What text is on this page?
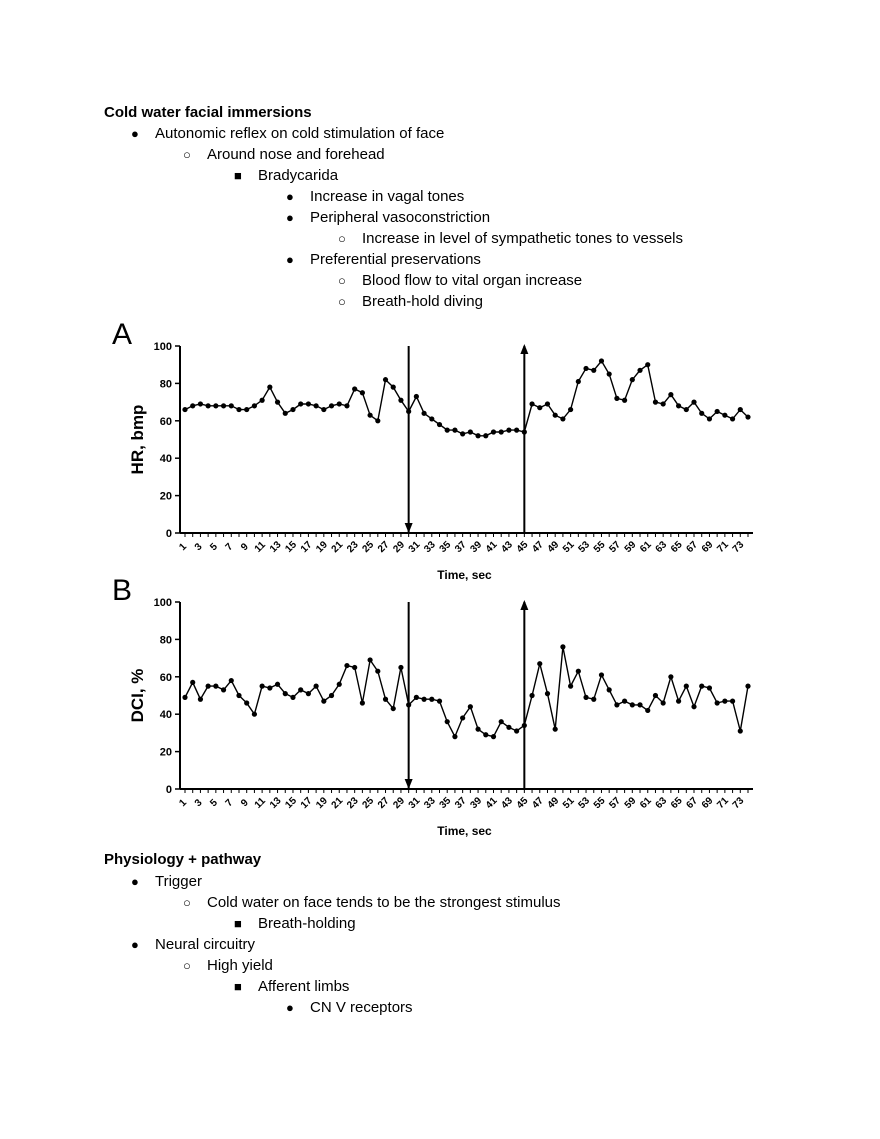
Cold water facial immersions
● Autonomic reflex on cold stimulation of face
○ Around nose and forehead
■ Bradycarida
● Increase in vagal tones
● Peripheral vasoconstriction
○ Increase in level of sympathetic tones to vessels
● Preferential preservations
○ Blood flow to vital organ increase
○ Breath-hold diving
A
0
20
40
60
80
100
HR, bmp
1 3 5 7 9 11 13 15 17 19 21 23 25 27 29 31 33 35 37 39 41 43 45 47 49 51 53 55 57 59 61 63 65 67 69 71 73
Time, sec
B
0
20
40
60
80
100
DCI, %
1 3 5 7 9 11 13 15 17 19 21 23 25 27 29 31 33 35 37 39 41 43 45 47 49 51 53 55 57 59 61 63 65 67 69 71 73
Time, sec
Physiology + pathway
● Trigger
○ Cold water on face tends to be the strongest stimulus
■ Breath-holding
● Neural circuitry
○ High yield
■ Afferent limbs
● CN V receptors
